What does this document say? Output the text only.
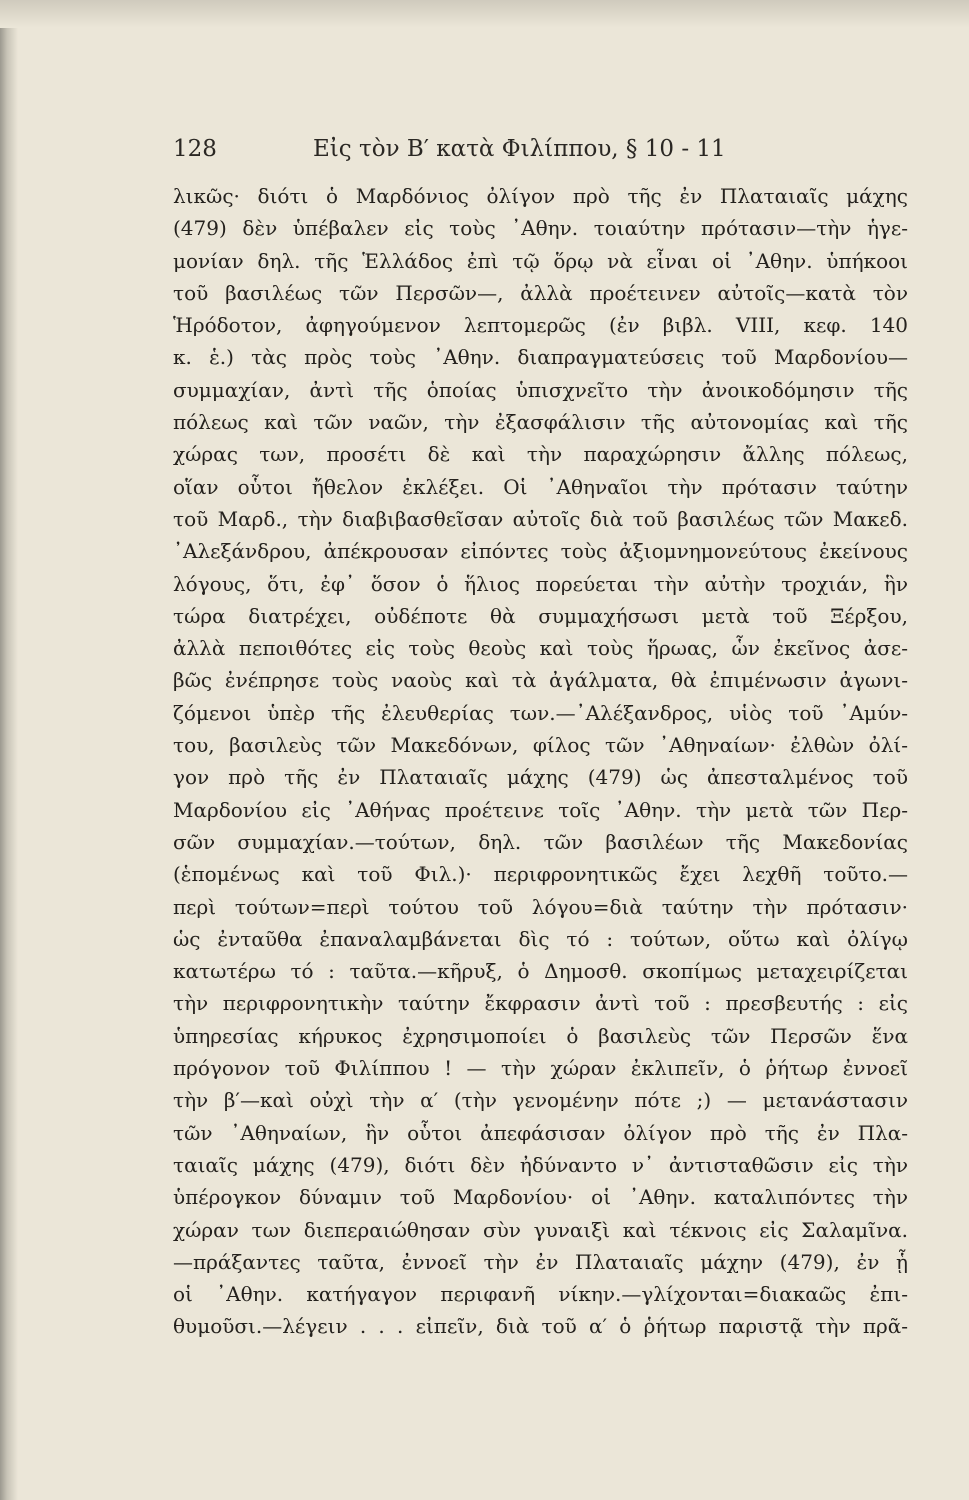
128	Εἰς τὸν Β′ κατὰ Φιλίππου, § 10 - 11
λικῶς· διότι ὁ Μαρδόνιος ὀλίγον πρὸ τῆς ἐν Πλαταιαῖς μάχης
(479) δὲν ὑπέβαλεν εἰς τοὺς ᾿Αθην. τοιαύτην πρότασιν—τὴν ἡγε-
μονίαν δηλ. τῆς Ἑλλάδος ἐπὶ τῷ ὅρῳ νὰ εἶναι οἱ ᾿Αθην. ὑπήκοοι
τοῦ βασιλέως τῶν Περσῶν—, ἀλλὰ προέτεινεν αὐτοῖς—κατὰ τὸν
Ἡρόδοτον, ἀφηγούμενον λεπτομερῶς (ἐν βιβλ. VIII, κεφ. 140
κ. ἑ.) τὰς πρὸς τοὺς ᾿Αθην. διαπραγματεύσεις τοῦ Μαρδονίου—
συμμαχίαν, ἀντὶ τῆς ὁποίας ὑπισχνεῖτο τὴν ἀνοικοδόμησιν τῆς
πόλεως καὶ τῶν ναῶν, τὴν ἐξασφάλισιν τῆς αὐτονομίας καὶ τῆς
χώρας των, προσέτι δὲ καὶ τὴν παραχώρησιν ἄλλης πόλεως,
οἵαν οὗτοι ἤθελον ἐκλέξει. Οἱ ᾿Αθηναῖοι τὴν πρότασιν ταύτην
τοῦ Μαρδ., τὴν διαβιβασθεῖσαν αὐτοῖς διὰ τοῦ βασιλέως τῶν Μακεδ.
᾿Αλεξάνδρου, ἀπέκρουσαν εἰπόντες τοὺς ἀξιομνημονεύτους ἐκείνους
λόγους, ὅτι, ἐφ᾿ ὅσον ὁ ἥλιος πορεύεται τὴν αὐτὴν τροχιάν, ἣν
τώρα διατρέχει, οὐδέποτε θὰ συμμαχήσωσι μετὰ τοῦ Ξέρξου,
ἀλλὰ πεποιθότες εἰς τοὺς θεοὺς καὶ τοὺς ἥρωας, ὧν ἐκεῖνος ἀσε-
βῶς ἐνέπρησε τοὺς ναοὺς καὶ τὰ ἀγάλματα, θὰ ἐπιμένωσιν ἀγωνι-
ζόμενοι ὑπὲρ τῆς ἐλευθερίας των.—᾿Αλέξανδρος, υἱὸς τοῦ ᾿Αμύν-
του, βασιλεὺς τῶν Μακεδόνων, φίλος τῶν ᾿Αθηναίων· ἐλθὼν ὀλί-
γον πρὸ τῆς ἐν Πλαταιαῖς μάχης (479) ὡς ἀπεσταλμένος τοῦ
Μαρδονίου εἰς ᾿Αθήνας προέτεινε τοῖς ᾿Αθην. τὴν μετὰ τῶν Περ-
σῶν συμμαχίαν.—τούτων, δηλ. τῶν βασιλέων τῆς Μακεδονίας
(ἑπομένως καὶ τοῦ Φιλ.)· περιφρονητικῶς ἔχει λεχθῆ τοῦτο.—
περὶ τούτων=περὶ τούτου τοῦ λόγου=διὰ ταύτην τὴν πρότασιν·
ὡς ἐνταῦθα ἐπαναλαμβάνεται δὶς τό : τούτων, οὕτω καὶ ὀλίγῳ
κατωτέρω τό : ταῦτα.—κῆρυξ, ὁ Δημοσθ. σκοπίμως μεταχειρίζεται
τὴν περιφρονητικὴν ταύτην ἔκφρασιν ἀντὶ τοῦ : πρεσβευτής : εἰς
ὑπηρεσίας κήρυκος ἐχρησιμοποίει ὁ βασιλεὺς τῶν Περσῶν ἕνα
πρόγονον τοῦ Φιλίππου ! — τὴν χώραν ἐκλιπεῖν, ὁ ῥήτωρ ἐννοεῖ
τὴν β′—καὶ οὐχὶ τὴν α′ (τὴν γενομένην πότε ;) — μετανάστασιν
τῶν ᾿Αθηναίων, ἣν οὗτοι ἀπεφάσισαν ὀλίγον πρὸ τῆς ἐν Πλα-
ταιαῖς μάχης (479), διότι δὲν ἠδύναντο ν᾿ ἀντισταθῶσιν εἰς τὴν
ὑπέρογκον δύναμιν τοῦ Μαρδονίου· οἱ ᾿Αθην. καταλιπόντες τὴν
χώραν των διεπεραιώθησαν σὺν γυναιξὶ καὶ τέκνοις εἰς Σαλαμῖνα.
—πράξαντες ταῦτα, ἐννοεῖ τὴν ἐν Πλαταιαῖς μάχην (479), ἐν ᾗ
οἱ ᾿Αθην. κατήγαγον περιφανῆ νίκην.—γλίχονται=διακαῶς ἐπι-
θυμοῦσι.—λέγειν . . . εἰπεῖν, διὰ τοῦ α′ ὁ ῥήτωρ παριστᾷ τὴν πρᾶ-
